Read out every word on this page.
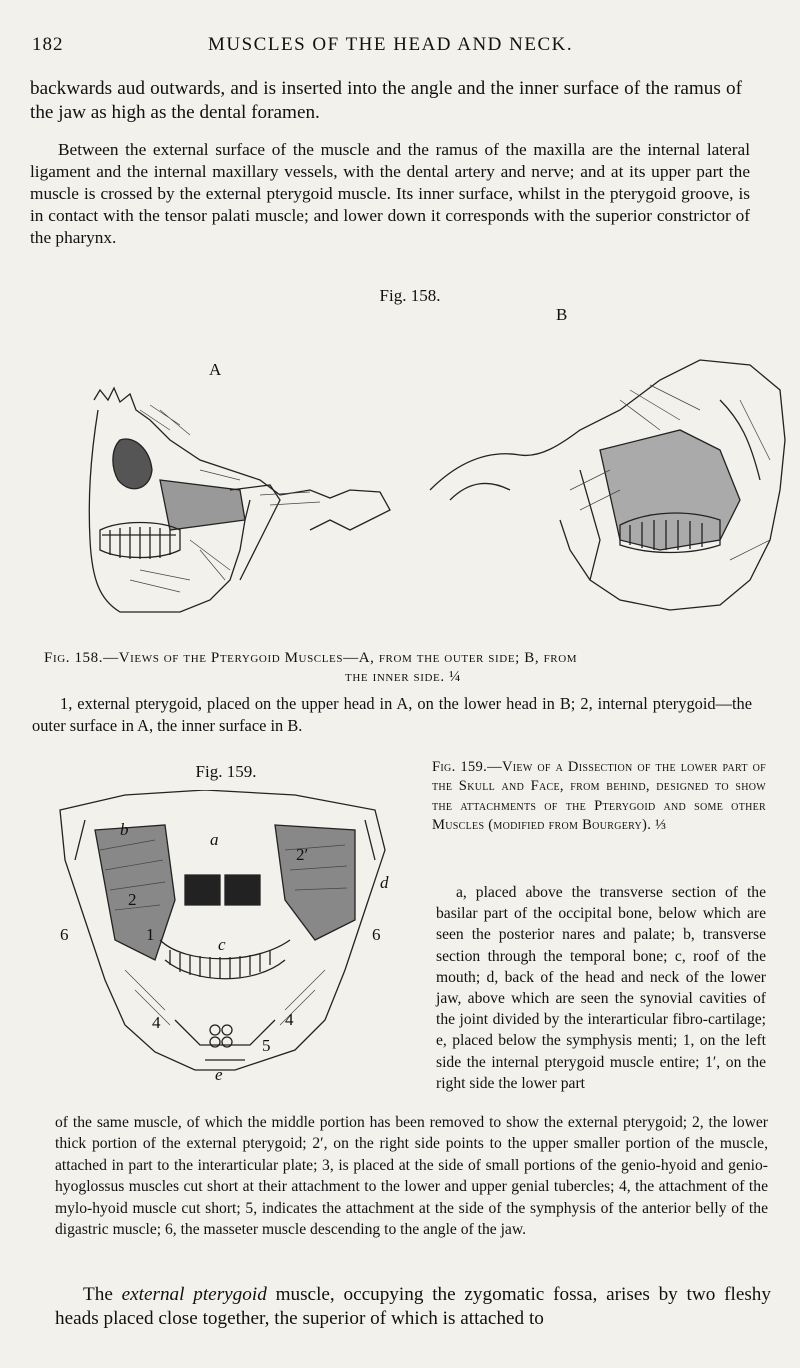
182	MUSCLES OF THE HEAD AND NECK.

backwards aud outwards, and is inserted into the angle and the inner surface of the ramus of the jaw as high as the dental foramen.

Between the external surface of the muscle and the ramus of the maxilla are the internal lateral ligament and the internal maxillary vessels, with the dental artery and nerve; and at its upper part the muscle is crossed by the external pterygoid muscle. Its inner surface, whilst in the pterygoid groove, is in contact with the tensor palati muscle; and lower down it corresponds with the superior constrictor of the pharynx.

Fig. 158.
B
A
Fig. 158.—Views of the Pterygoid Muscles—A, from the outer side; B, from
the inner side. ¼

1, external pterygoid, placed on the upper head in A, on the lower head in B; 2, internal pterygoid—the outer surface in A, the inner surface in B.

Fig. 159.
a
b
c
d
e
6	6
4	4
5
1
2
2′
Fig. 159.—View of a Dissection of the lower part of the Skull and Face, from behind, designed to show the attachments of the Pterygoid and some other Muscles (modified from Bourgery). ⅓

a, placed above the transverse section of the basilar part of the occipital bone, below which are seen the posterior nares and palate; b, transverse section through the temporal bone; c, roof of the mouth; d, back of the head and neck of the lower jaw, above which are seen the synovial cavities of the joint divided by the interarticular fibro-cartilage; e, placed below the symphysis menti; 1, on the left side the internal pterygoid muscle entire; 1′, on the right side the lower part

of the same muscle, of which the middle portion has been removed to show the external pterygoid; 2, the lower thick portion of the external pterygoid; 2′, on the right side points to the upper smaller portion of the muscle, attached in part to the interarticular plate; 3, is placed at the side of small portions of the genio-hyoid and genio-hyoglossus muscles cut short at their attachment to the lower and upper genial tubercles; 4, the attachment of the mylo-hyoid muscle cut short; 5, indicates the attachment at the side of the symphysis of the anterior belly of the digastric muscle; 6, the masseter muscle descending to the angle of the jaw.

The external pterygoid muscle, occupying the zygomatic fossa, arises by two fleshy heads placed close together, the superior of which is attached to
